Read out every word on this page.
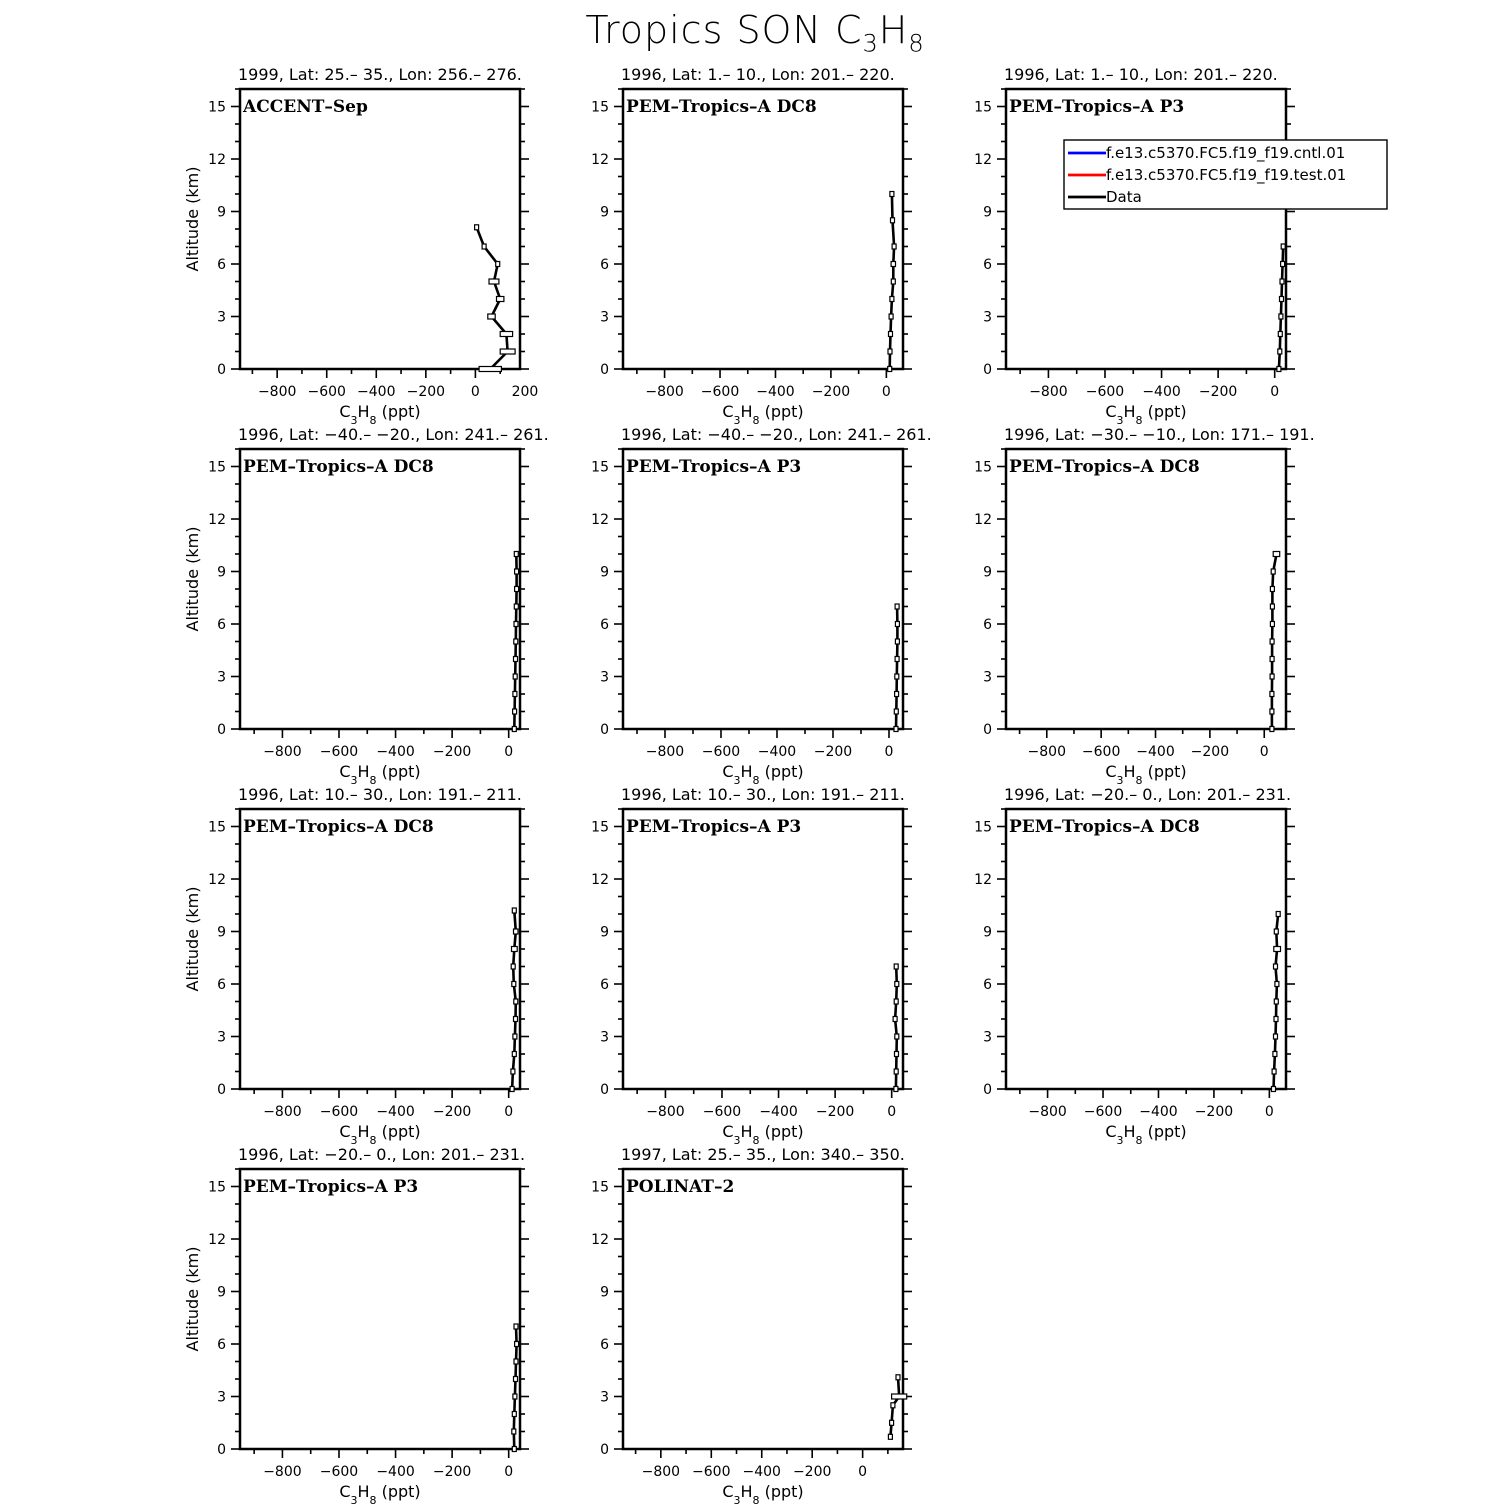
Tropics SON $C_3H_8$
0
3
6
9
12
15
−800 −600 −400 −200 0 200
$C_3H_8$ (ppt)
Altitude (km)
1999, Lat: 25.– 35., Lon: 256.– 276.
ACCENT–Sep
0
3
6
9
12
15
−800 −600 −400 −200 0
$C_3H_8$ (ppt)
1996, Lat: 1.– 10., Lon: 201.– 220.
PEM–Tropics–A DC8
0
3
6
9
12
15
−800 −600 −400 −200 0
$C_3H_8$ (ppt)
1996, Lat: 1.– 10., Lon: 201.– 220.
PEM–Tropics–A P3
0
3
6
9
12
15
−800 −600 −400 −200 0
$C_3H_8$ (ppt)
Altitude (km)
1996, Lat: −40.– −20., Lon: 241.– 261.
PEM–Tropics–A DC8
0
3
6
9
12
15
−800 −600 −400 −200 0
$C_3H_8$ (ppt)
1996, Lat: −40.– −20., Lon: 241.– 261.
PEM–Tropics–A P3
0
3
6
9
12
15
−800 −600 −400 −200 0
$C_3H_8$ (ppt)
1996, Lat: −30.– −10., Lon: 171.– 191.
PEM–Tropics–A DC8
0
3
6
9
12
15
−800 −600 −400 −200 0
$C_3H_8$ (ppt)
Altitude (km)
1996, Lat: 10.– 30., Lon: 191.– 211.
PEM–Tropics–A DC8
0
3
6
9
12
15
−800 −600 −400 −200 0
$C_3H_8$ (ppt)
1996, Lat: 10.– 30., Lon: 191.– 211.
PEM–Tropics–A P3
0
3
6
9
12
15
−800 −600 −400 −200 0
$C_3H_8$ (ppt)
1996, Lat: −20.– 0., Lon: 201.– 231.
PEM–Tropics–A DC8
0
3
6
9
12
15
−800 −600 −400 −200 0
$C_3H_8$ (ppt)
Altitude (km)
1996, Lat: −20.– 0., Lon: 201.– 231.
PEM–Tropics–A P3
0
3
6
9
12
15
−800 −600 −400 −200 0
$C_3H_8$ (ppt)
1997, Lat: 25.– 35., Lon: 340.– 350.
POLINAT–2
f.e13.c5370.FC5.f19_f19.cntl.01
f.e13.c5370.FC5.f19_f19.test.01
Data
